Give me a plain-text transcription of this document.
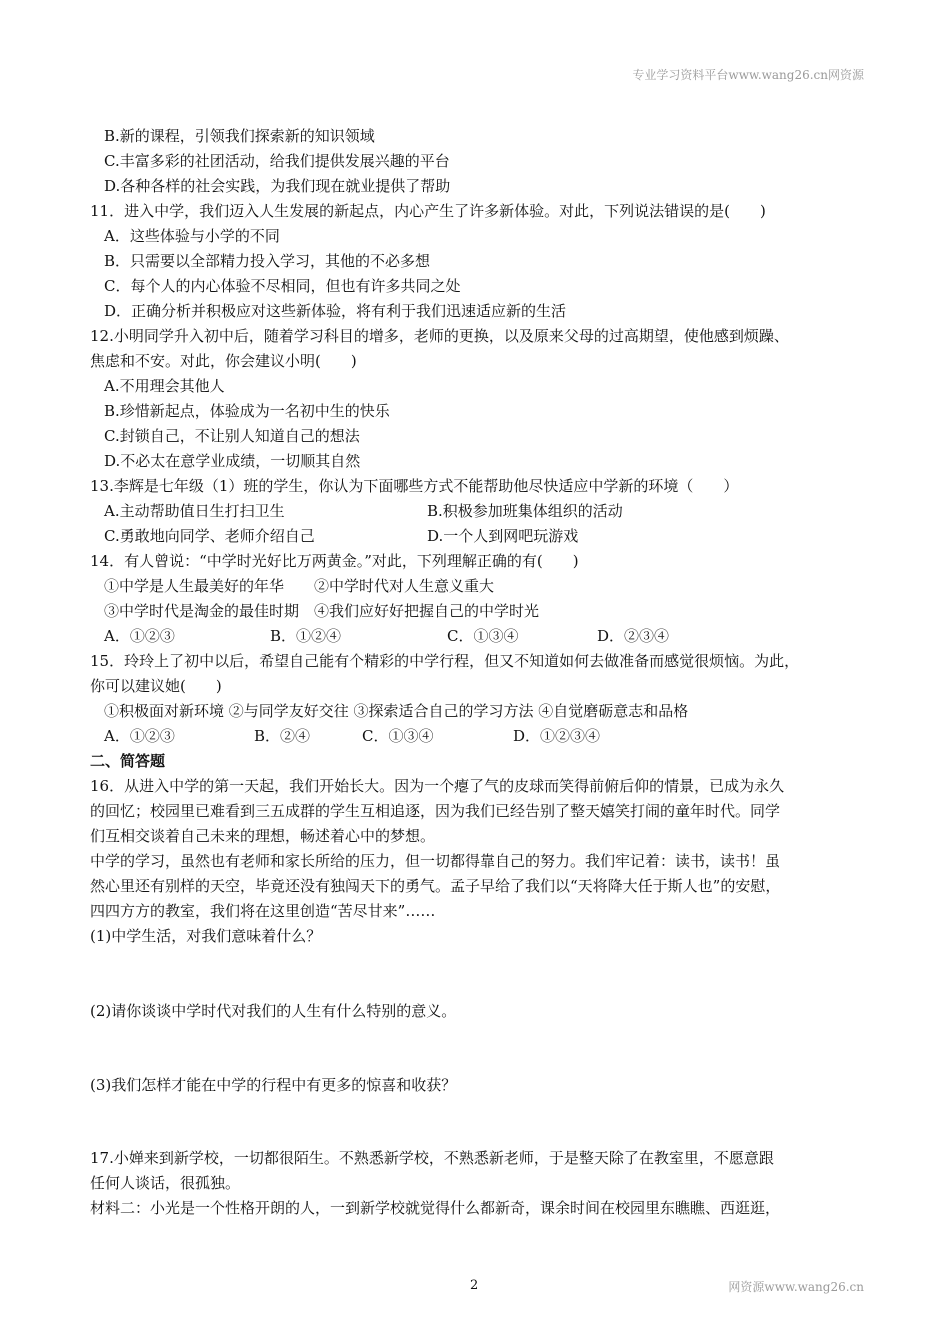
专业学习资料平台www.wang26.cn网资源
B.新的课程，引领我们探索新的知识领域
C.丰富多彩的社团活动，给我们提供发展兴趣的平台
D.各种各样的社会实践，为我们现在就业提供了帮助
11．进入中学，我们迈入人生发展的新起点，内心产生了许多新体验。对此，下列说法错误的是(　　)
A．这些体验与小学的不同
B．只需要以全部精力投入学习，其他的不必多想
C．每个人的内心体验不尽相同，但也有许多共同之处
D．正确分析并积极应对这些新体验，将有利于我们迅速适应新的生活
12.小明同学升入初中后，随着学习科目的增多，老师的更换，以及原来父母的过高期望，使他感到烦躁、
焦虑和不安。对此，你会建议小明(　　)
A.不用理会其他人
B.珍惜新起点，体验成为一名初中生的快乐
C.封锁自己，不让别人知道自己的想法
D.不必太在意学业成绩，一切顺其自然
13.李辉是七年级（1）班的学生，你认为下面哪些方式不能帮助他尽快适应中学新的环境（　　）
A.主动帮助值日生打扫卫生	B.积极参加班集体组织的活动
C.勇敢地向同学、老师介绍自己	D.一个人到网吧玩游戏
14．有人曾说：“中学时光好比万两黄金。”对此，下列理解正确的有(　　)
①中学是人生最美好的年华　　②中学时代对人生意义重大
③中学时代是淘金的最佳时期　④我们应好好把握自己的中学时光
A．①②③	B．①②④	C．①③④	D．②③④
15．玲玲上了初中以后，希望自己能有个精彩的中学行程，但又不知道如何去做准备而感觉很烦恼。为此，
你可以建议她(　　)
①积极面对新环境 ②与同学友好交往 ③探索适合自己的学习方法 ④自觉磨砺意志和品格
A．①②③	B．②④	C．①③④	D．①②③④
二、简答题
16．从进入中学的第一天起，我们开始长大。因为一个瘪了气的皮球而笑得前俯后仰的情景，已成为永久
的回忆；校园里已难看到三五成群的学生互相追逐，因为我们已经告别了整天嬉笑打闹的童年时代。同学
们互相交谈着自己未来的理想，畅述着心中的梦想。
中学的学习，虽然也有老师和家长所给的压力，但一切都得靠自己的努力。我们牢记着：读书，读书！虽
然心里还有别样的天空，毕竟还没有独闯天下的勇气。孟子早给了我们以“天将降大任于斯人也”的安慰，
四四方方的教室，我们将在这里创造“苦尽甘来”……
(1)中学生活，对我们意味着什么？
(2)请你谈谈中学时代对我们的人生有什么特别的意义。
(3)我们怎样才能在中学的行程中有更多的惊喜和收获？
17.小婵来到新学校，一切都很陌生。不熟悉新学校，不熟悉新老师，于是整天除了在教室里，不愿意跟
任何人谈话，很孤独。
材料二：小光是一个性格开朗的人，一到新学校就觉得什么都新奇，课余时间在校园里东瞧瞧、西逛逛，
2	网资源www.wang26.cn
